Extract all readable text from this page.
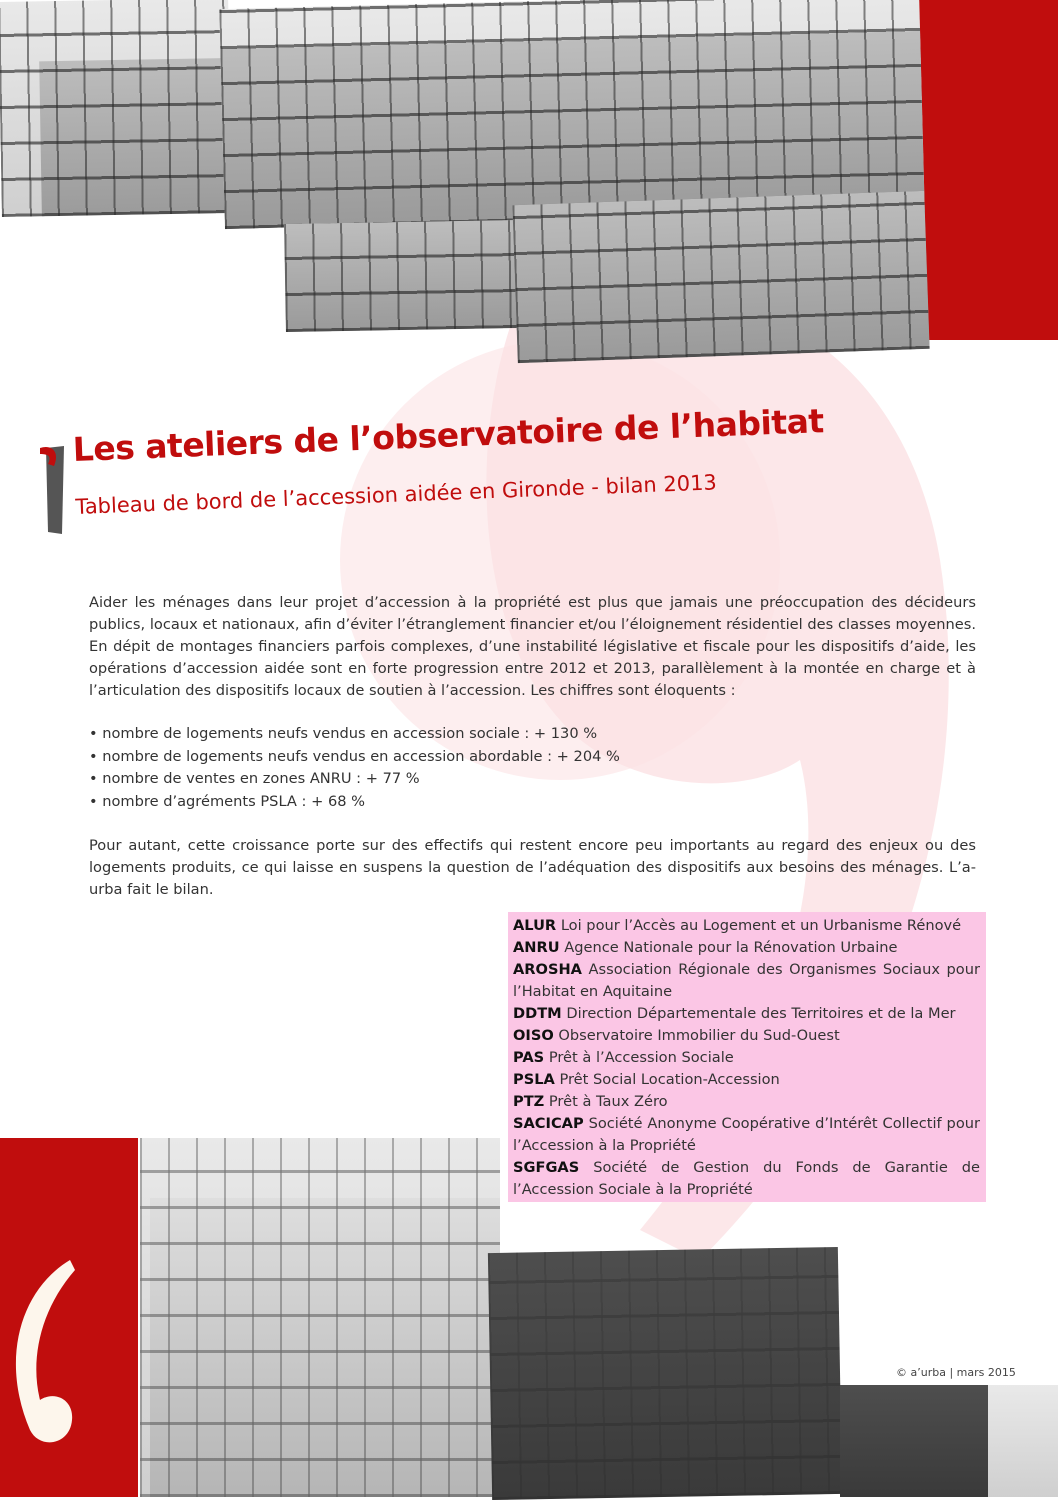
Les ateliers de l’observatoire de l’habitat
Tableau de bord de l’accession aidée en Gironde - bilan 2013
Aider les ménages dans leur projet d’accession à la propriété est plus que jamais une préoccupation des décideurs publics, locaux et nationaux, afin d’éviter l’étranglement financier et/ou l’éloignement résidentiel des classes moyennes. En dépit de montages financiers parfois complexes, d’une instabilité législative et fiscale pour les dispositifs d’aide, les opérations d’accession aidée sont en forte progression entre 2012 et 2013, parallèlement à la montée en charge et à l’articulation des dispositifs locaux de soutien à l’accession. Les chiffres sont éloquents :
• nombre de logements neufs vendus en accession sociale : + 130 %
• nombre de logements neufs vendus en accession abordable : + 204 %
• nombre de ventes en zones ANRU : + 77 %
• nombre d’agréments PSLA : + 68 %
Pour autant, cette croissance porte sur des effectifs qui restent encore peu importants au regard des enjeux ou des logements produits, ce qui laisse en suspens la question de l’adéquation des dispositifs aux besoins des ménages. L’a-urba fait le bilan.

ALUR Loi pour l’Accès au Logement et un Urbanisme Rénové

ANRU Agence Nationale pour la Rénovation Urbaine

AROSHA Association Régionale des Organismes Sociaux pour l’Habitat en Aquitaine

DDTM Direction Départementale des Territoires et de la Mer

OISO Observatoire Immobilier du Sud-Ouest

PAS Prêt à l’Accession Sociale

PSLA Prêt Social Location-Accession

PTZ Prêt à Taux Zéro

SACICAP Société Anonyme Coopérative d’Intérêt Collectif pour l’Accession à la Propriété

SGFGAS Société de Gestion du Fonds de Garantie de l’Accession Sociale à la Propriété

© a’urba | mars 2015
